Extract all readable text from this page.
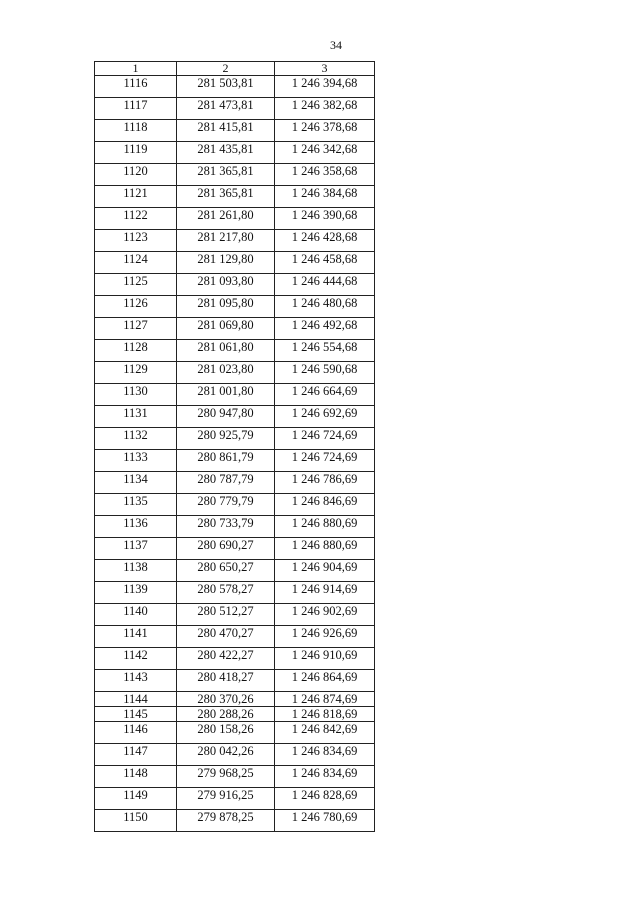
34
1	2	3

1116	281 503,81	1 246 394,68

1117	281 473,81	1 246 382,68

1118	281 415,81	1 246 378,68

1119	281 435,81	1 246 342,68

1120	281 365,81	1 246 358,68

1121	281 365,81	1 246 384,68

1122	281 261,80	1 246 390,68

1123	281 217,80	1 246 428,68

1124	281 129,80	1 246 458,68

1125	281 093,80	1 246 444,68

1126	281 095,80	1 246 480,68

1127	281 069,80	1 246 492,68

1128	281 061,80	1 246 554,68

1129	281 023,80	1 246 590,68

1130	281 001,80	1 246 664,69

1131	280 947,80	1 246 692,69

1132	280 925,79	1 246 724,69

1133	280 861,79	1 246 724,69

1134	280 787,79	1 246 786,69

1135	280 779,79	1 246 846,69

1136	280 733,79	1 246 880,69

1137	280 690,27	1 246 880,69

1138	280 650,27	1 246 904,69

1139	280 578,27	1 246 914,69

1140	280 512,27	1 246 902,69

1141	280 470,27	1 246 926,69

1142	280 422,27	1 246 910,69

1143	280 418,27	1 246 864,69

1144	280 370,26	1 246 874,69

1145	280 288,26	1 246 818,69

1146	280 158,26	1 246 842,69

1147	280 042,26	1 246 834,69

1148	279 968,25	1 246 834,69

1149	279 916,25	1 246 828,69

1150	279 878,25	1 246 780,69
